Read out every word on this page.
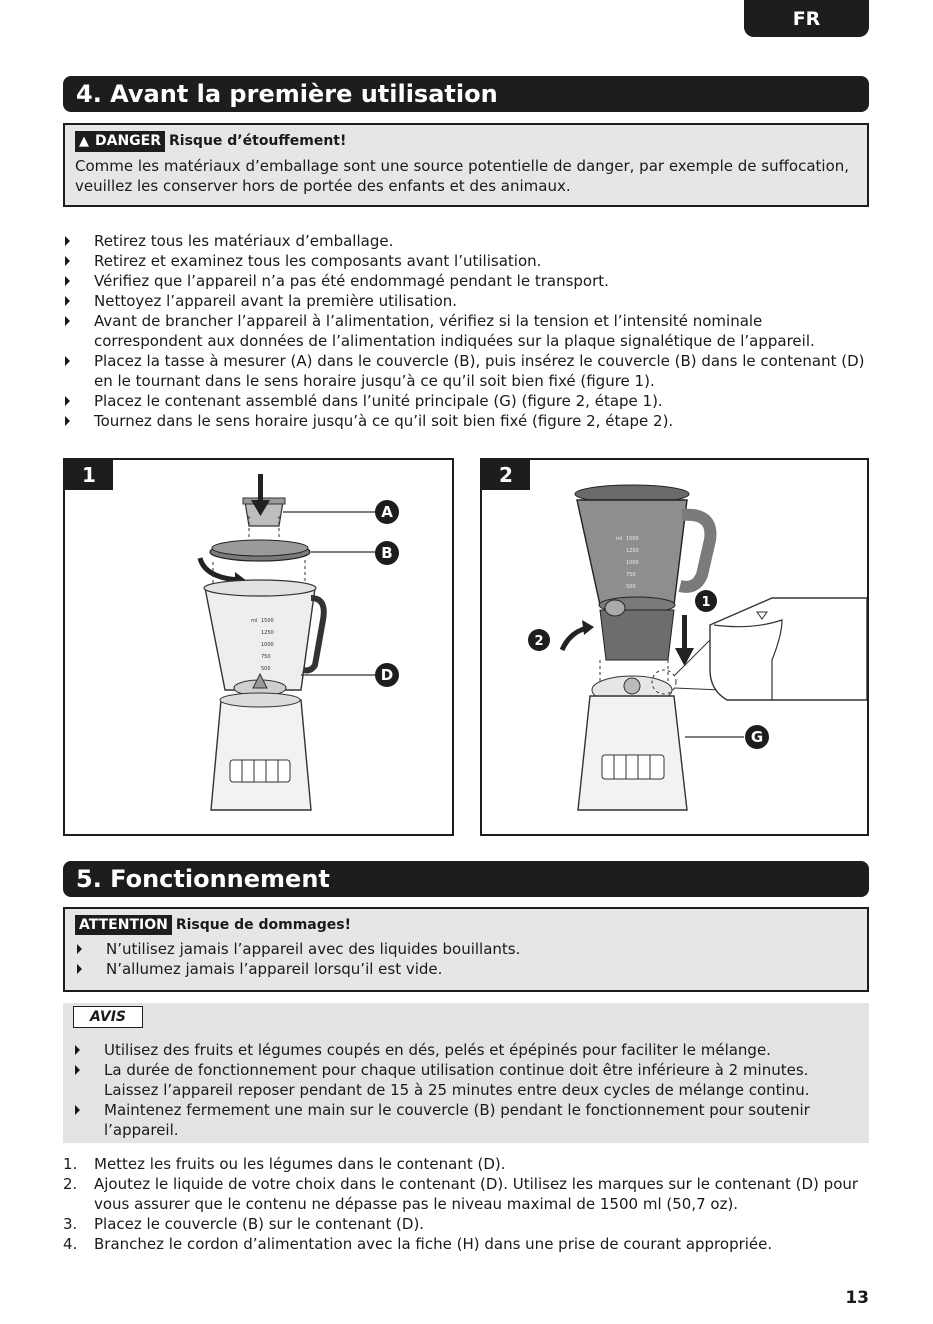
FR
4. Avant la première utilisation
▲ DANGER Risque d’étouffement!
Comme les matériaux d’emballage sont une source potentielle de danger, par exemple de suffocation, veuillez les conserver hors de portée des enfants et des animaux.
Retirez tous les matériaux d’emballage.
Retirez et examinez tous les composants avant l’utilisation.
Vérifiez que l’appareil n’a pas été endommagé pendant le transport.
Nettoyez l’appareil avant la première utilisation.
Avant de brancher l’appareil à l’alimentation, vérifiez si la tension et l’intensité nominale correspondent aux données de l’alimentation indiquées sur la plaque signalétique de l’appareil.
Placez la tasse à mesurer (A) dans le couvercle (B), puis insérez le couvercle (B) dans le contenant (D) en le tournant dans le sens horaire jusqu’à ce qu’il soit bien fixé (figure 1).
Placez le contenant assemblé dans l’unité principale (G) (figure 2, étape 1).
Tournez dans le sens horaire jusqu’à ce qu’il soit bien fixé (figure 2, étape 2).
1
ml 1500
1250
1000
750
500
A
B
D
2
ml 1500
1250
1000
750
500
1
2
G
5. Fonctionnement
ATTENTION Risque de dommages!
N’utilisez jamais l’appareil avec des liquides bouillants.
N’allumez jamais l’appareil lorsqu’il est vide.
AVIS
Utilisez des fruits et légumes coupés en dés, pelés et épépinés pour faciliter le mélange.
La durée de fonctionnement pour chaque utilisation continue doit être inférieure à 2 minutes. Laissez l’appareil reposer pendant de 15 à 25 minutes entre deux cycles de mélange continu.
Maintenez fermement une main sur le couvercle (B) pendant le fonctionnement pour soutenir l’appareil.
1. Mettez les fruits ou les légumes dans le contenant (D).
2. Ajoutez le liquide de votre choix dans le contenant (D). Utilisez les marques sur le contenant (D) pour vous assurer que le contenu ne dépasse pas le niveau maximal de 1500 ml (50,7 oz).
3. Placez le couvercle (B) sur le contenant (D).
4. Branchez le cordon d’alimentation avec la fiche (H) dans une prise de courant appropriée.
13
